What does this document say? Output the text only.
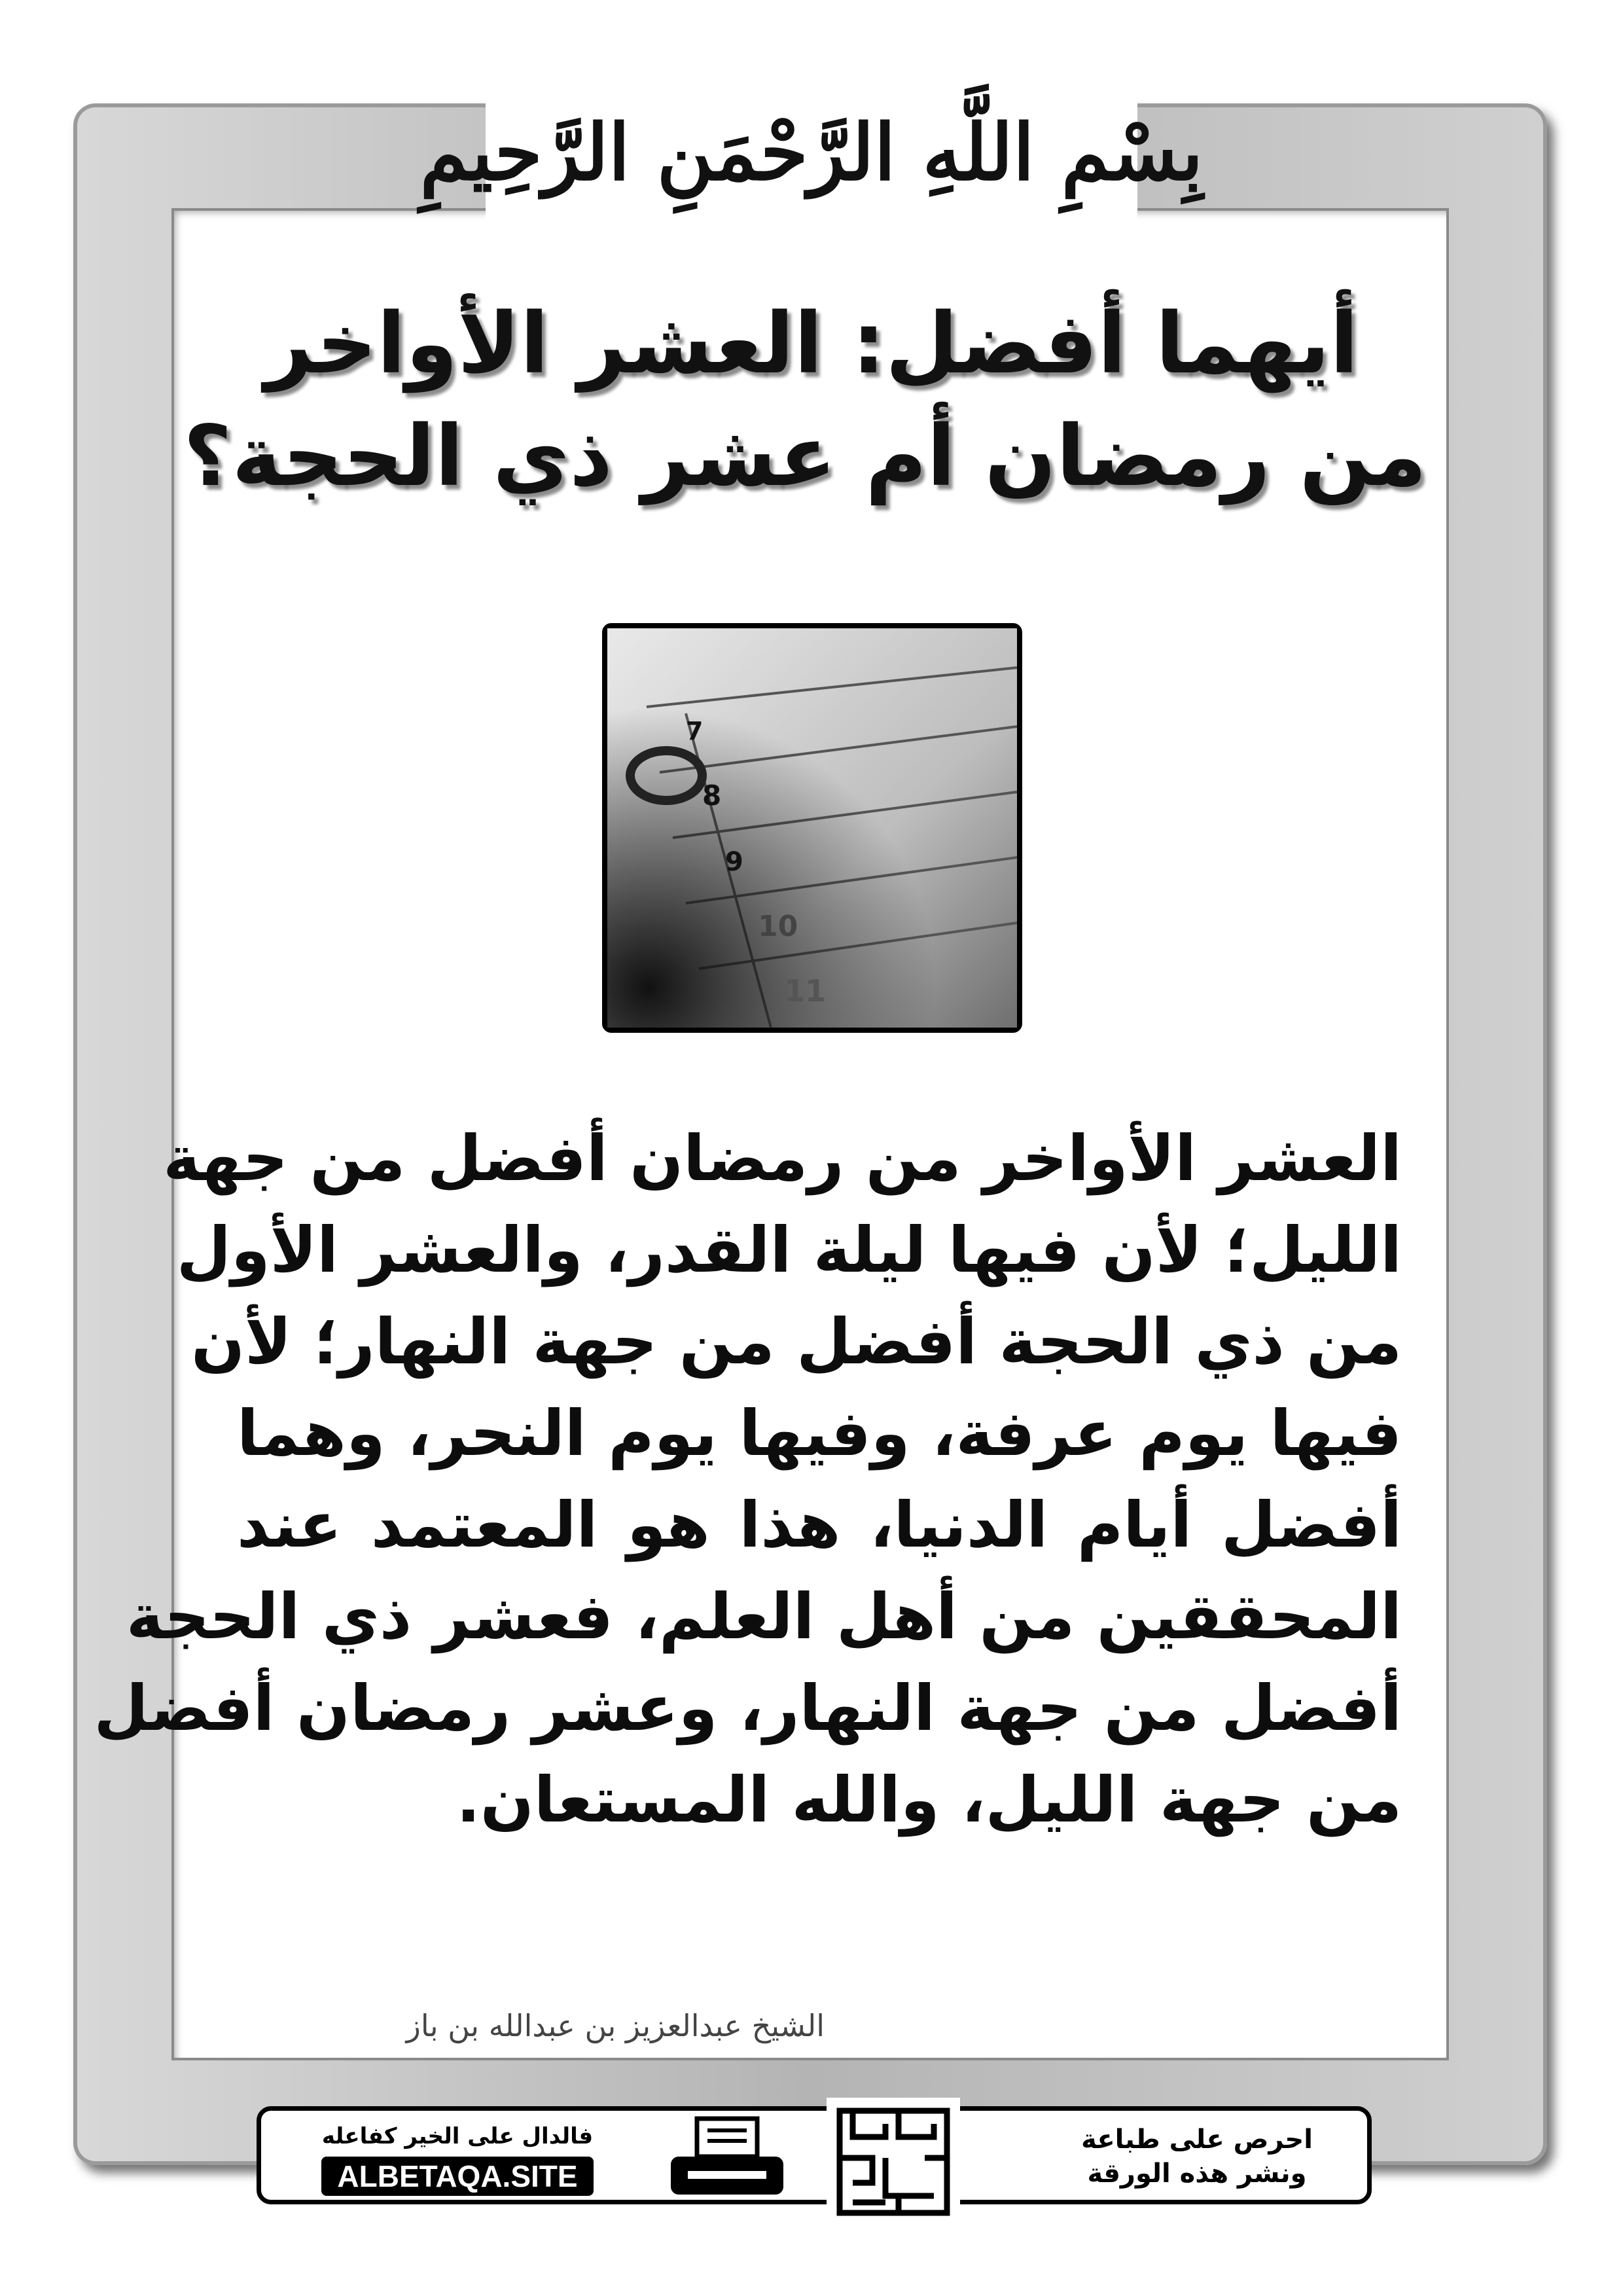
بِسْمِ اللَّهِ الرَّحْمَنِ الرَّحِيمِ
أيهما أفضل: العشر الأواخر
من رمضان أم عشر ذي الحجة؟
7
8
9
10
11
العشر الأواخر من رمضان أفضل من جهة
الليل؛ لأن فيها ليلة القدر، والعشر الأول
من ذي الحجة أفضل من جهة النهار؛ لأن
فيها يوم عرفة، وفيها يوم النحر، وهما
أفضل أيام الدنيا، هذا هو المعتمد عند
المحققين من أهل العلم، فعشر ذي الحجة
أفضل من جهة النهار، وعشر رمضان أفضل
من جهة الليل، والله المستعان.
الشيخ عبدالعزيز بن عبدالله بن باز
احرص على طباعة
ونشر هذه الورقة
دعوة الورقة
فالدال على الخير كفاعله
ALBETAQA.SITE
